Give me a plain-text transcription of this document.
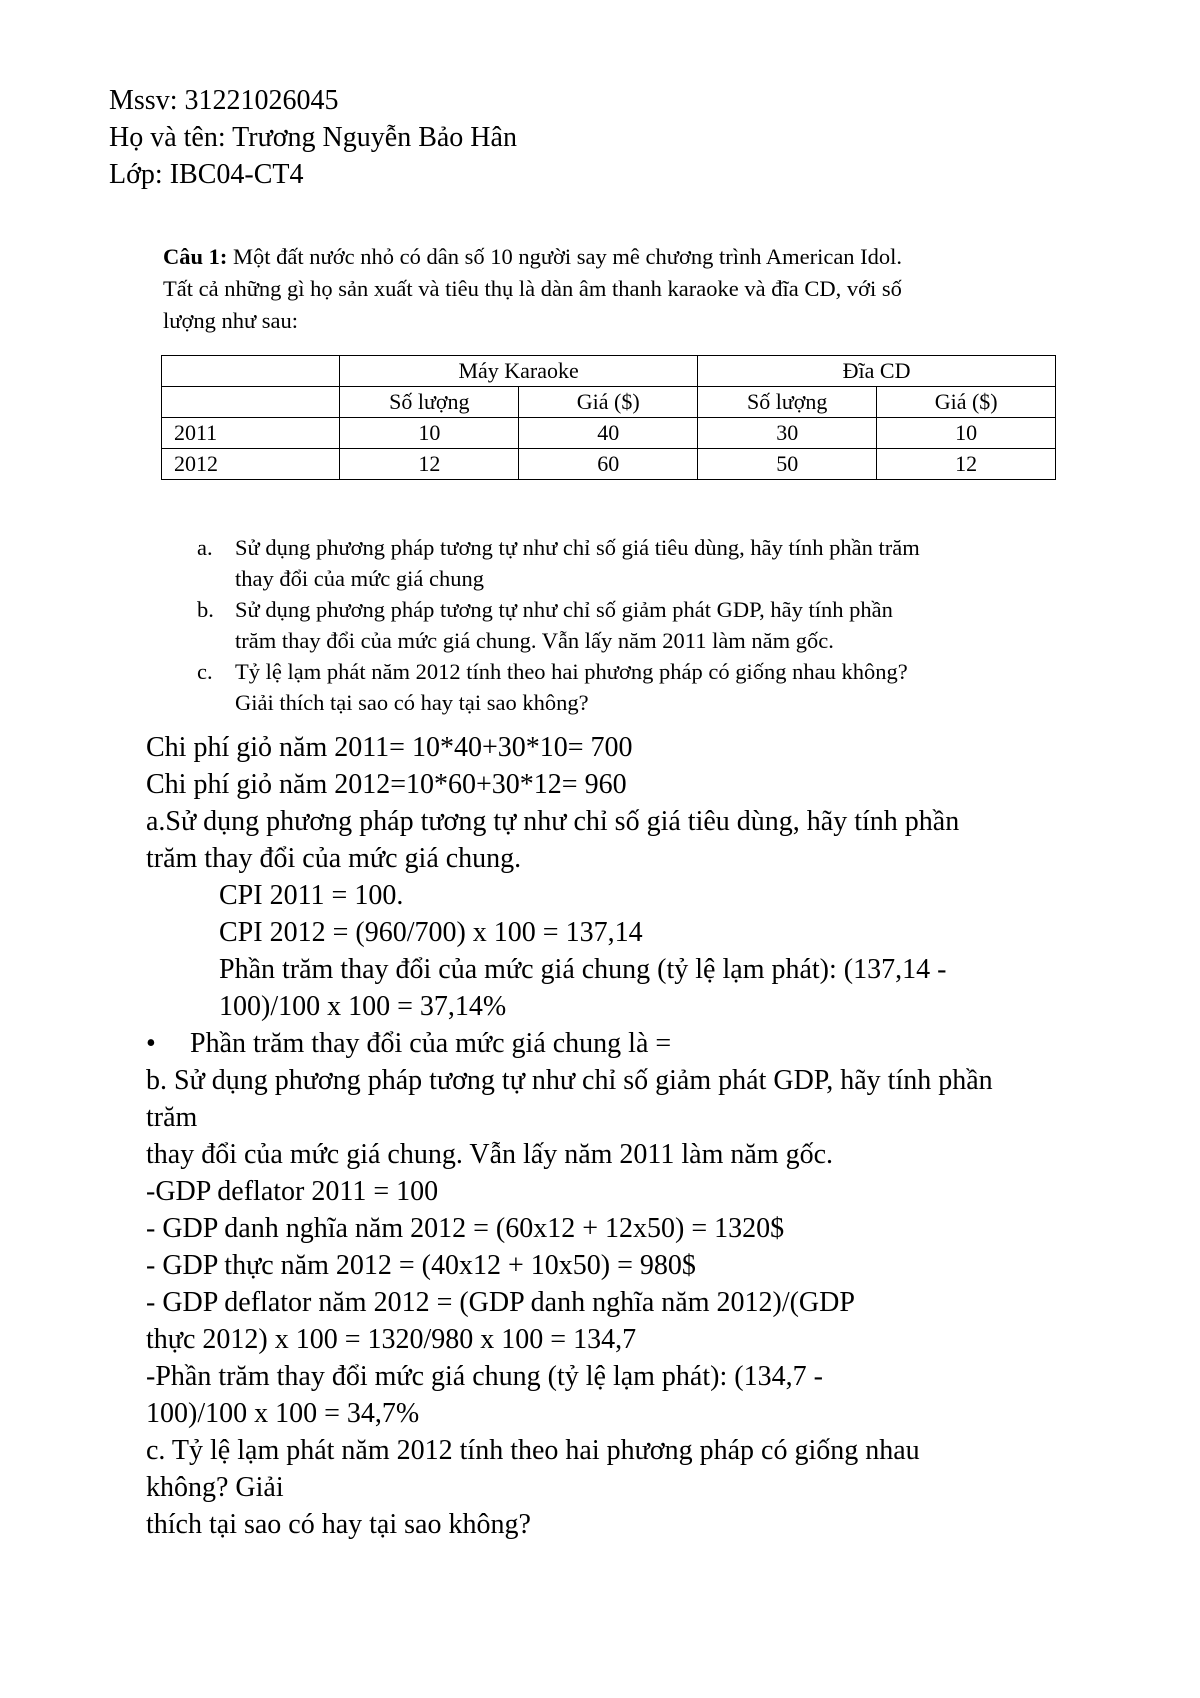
Mssv: 31221026045
Họ và tên: Trương Nguyễn Bảo Hân
Lớp: IBC04-CT4
Câu 1: Một đất nước nhỏ có dân số 10 người say mê chương trình American Idol.
Tất cả những gì họ sản xuất và tiêu thụ là dàn âm thanh karaoke và đĩa CD, với số
lượng như sau:
	Máy Karaoke		Đĩa CD	
	Số lượng	Giá ($)	Số lượng	Giá ($)
2011	10	40	30	10
2012	12	60	50	12
a. Sử dụng phương pháp tương tự như chỉ số giá tiêu dùng, hãy tính phần trăm
thay đổi của mức giá chung
b. Sử dụng phương pháp tương tự như chỉ số giảm phát GDP, hãy tính phần
trăm thay đổi của mức giá chung. Vẫn lấy năm 2011 làm năm gốc.
c. Tỷ lệ lạm phát năm 2012 tính theo hai phương pháp có giống nhau không?
Giải thích tại sao có hay tại sao không?
Chi phí giỏ năm 2011= 10*40+30*10= 700
Chi phí giỏ năm 2012=10*60+30*12= 960
a.Sử dụng phương pháp tương tự như chỉ số giá tiêu dùng, hãy tính phần
trăm thay đổi của mức giá chung.
CPI 2011 = 100.
CPI 2012 = (960/700) x 100 = 137,14
Phần trăm thay đổi của mức giá chung (tỷ lệ lạm phát): (137,14 -
100)/100 x 100 = 37,14%
•	Phần trăm thay đổi của mức giá chung là =
b. Sử dụng phương pháp tương tự như chỉ số giảm phát GDP, hãy tính phần
trăm
thay đổi của mức giá chung. Vẫn lấy năm 2011 làm năm gốc.
-GDP deflator 2011 = 100
- GDP danh nghĩa năm 2012 = (60x12 + 12x50) = 1320$
- GDP thực năm 2012 = (40x12 + 10x50) = 980$
- GDP deflator năm 2012 = (GDP danh nghĩa năm 2012)/(GDP
thực 2012) x 100 = 1320/980 x 100 = 134,7
-Phần trăm thay đổi mức giá chung (tỷ lệ lạm phát): (134,7 -
100)/100 x 100 = 34,7%
c. Tỷ lệ lạm phát năm 2012 tính theo hai phương pháp có giống nhau
không? Giải
thích tại sao có hay tại sao không?
